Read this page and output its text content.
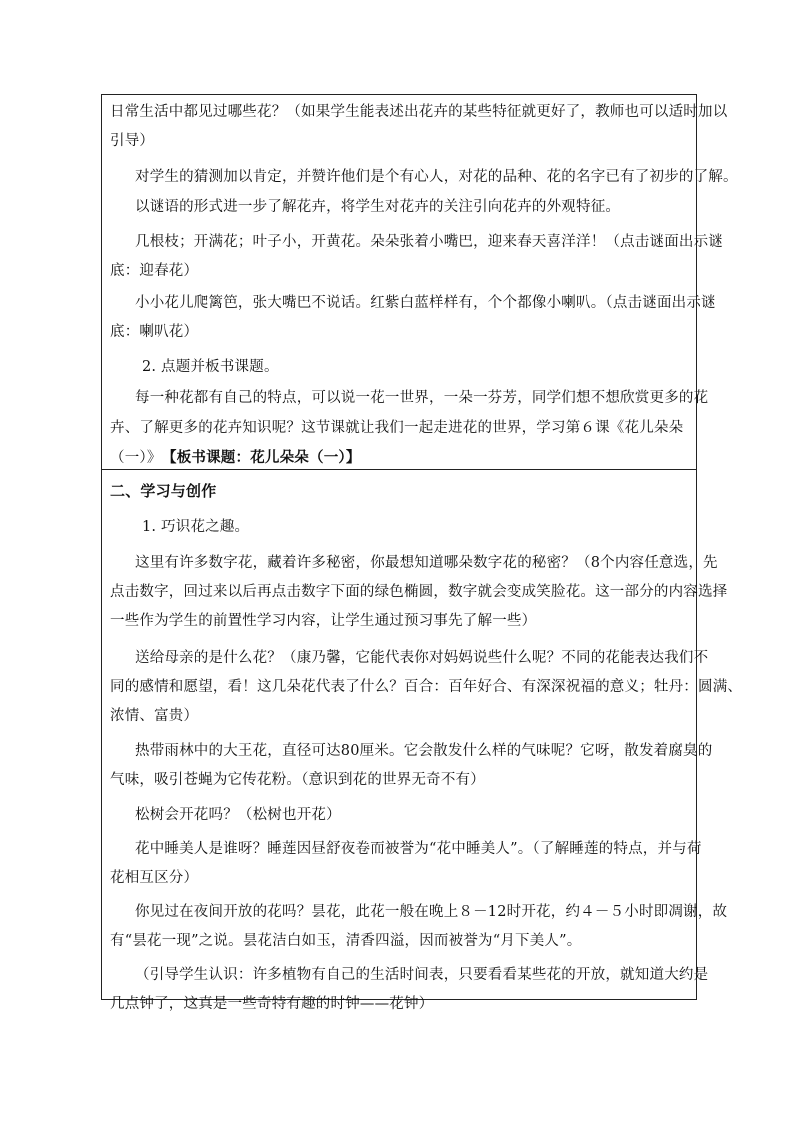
日常生活中都见过哪些花？（如果学生能表述出花卉的某些特征就更好了，教师也可以适时加以
引导）
对学生的猜测加以肯定，并赞许他们是个有心人，对花的品种、花的名字已有了初步的了解。
以谜语的形式进一步了解花卉，将学生对花卉的关注引向花卉的外观特征。
几根枝；开满花；叶子小，开黄花。朵朵张着小嘴巴，迎来春天喜洋洋！（点击谜面出示谜
底：迎春花）
小小花儿爬篱笆，张大嘴巴不说话。红紫白蓝样样有，个个都像小喇叭。（点击谜面出示谜
底：喇叭花）
2. 点题并板书课题。
每一种花都有自己的特点，可以说一花一世界，一朵一芬芳，同学们想不想欣赏更多的花
卉、了解更多的花卉知识呢？这节课就让我们一起走进花的世界，学习第６课《花儿朵朵
（一）》 【板书课题：花儿朵朵（一）】
二、学习与创作
1. 巧识花之趣。
这里有许多数字花，藏着许多秘密，你最想知道哪朵数字花的秘密？（8个内容任意选，先
点击数字，回过来以后再点击数字下面的绿色椭圆，数字就会变成笑脸花。这一部分的内容选择
一些作为学生的前置性学习内容，让学生通过预习事先了解一些）
送给母亲的是什么花？（康乃馨，它能代表你对妈妈说些什么呢？不同的花能表达我们不
同的感情和愿望，看！这几朵花代表了什么？百合：百年好合、有深深祝福的意义；牡丹：圆满、
浓情、富贵）
热带雨林中的大王花，直径可达80厘米。它会散发什么样的气味呢？它呀，散发着腐臭的
气味，吸引苍蝇为它传花粉。（意识到花的世界无奇不有）
松树会开花吗？（松树也开花）
花中睡美人是谁呀？睡莲因昼舒夜卷而被誉为“花中睡美人”。（了解睡莲的特点，并与荷
花相互区分）
你见过在夜间开放的花吗？昙花，此花一般在晚上８－12时开花，约４－５小时即凋谢，故
有“昙花一现”之说。昙花洁白如玉，清香四溢，因而被誉为“月下美人”。
（引导学生认识：许多植物有自己的生活时间表，只要看看某些花的开放，就知道大约是
几点钟了，这真是一些奇特有趣的时钟——花钟）
